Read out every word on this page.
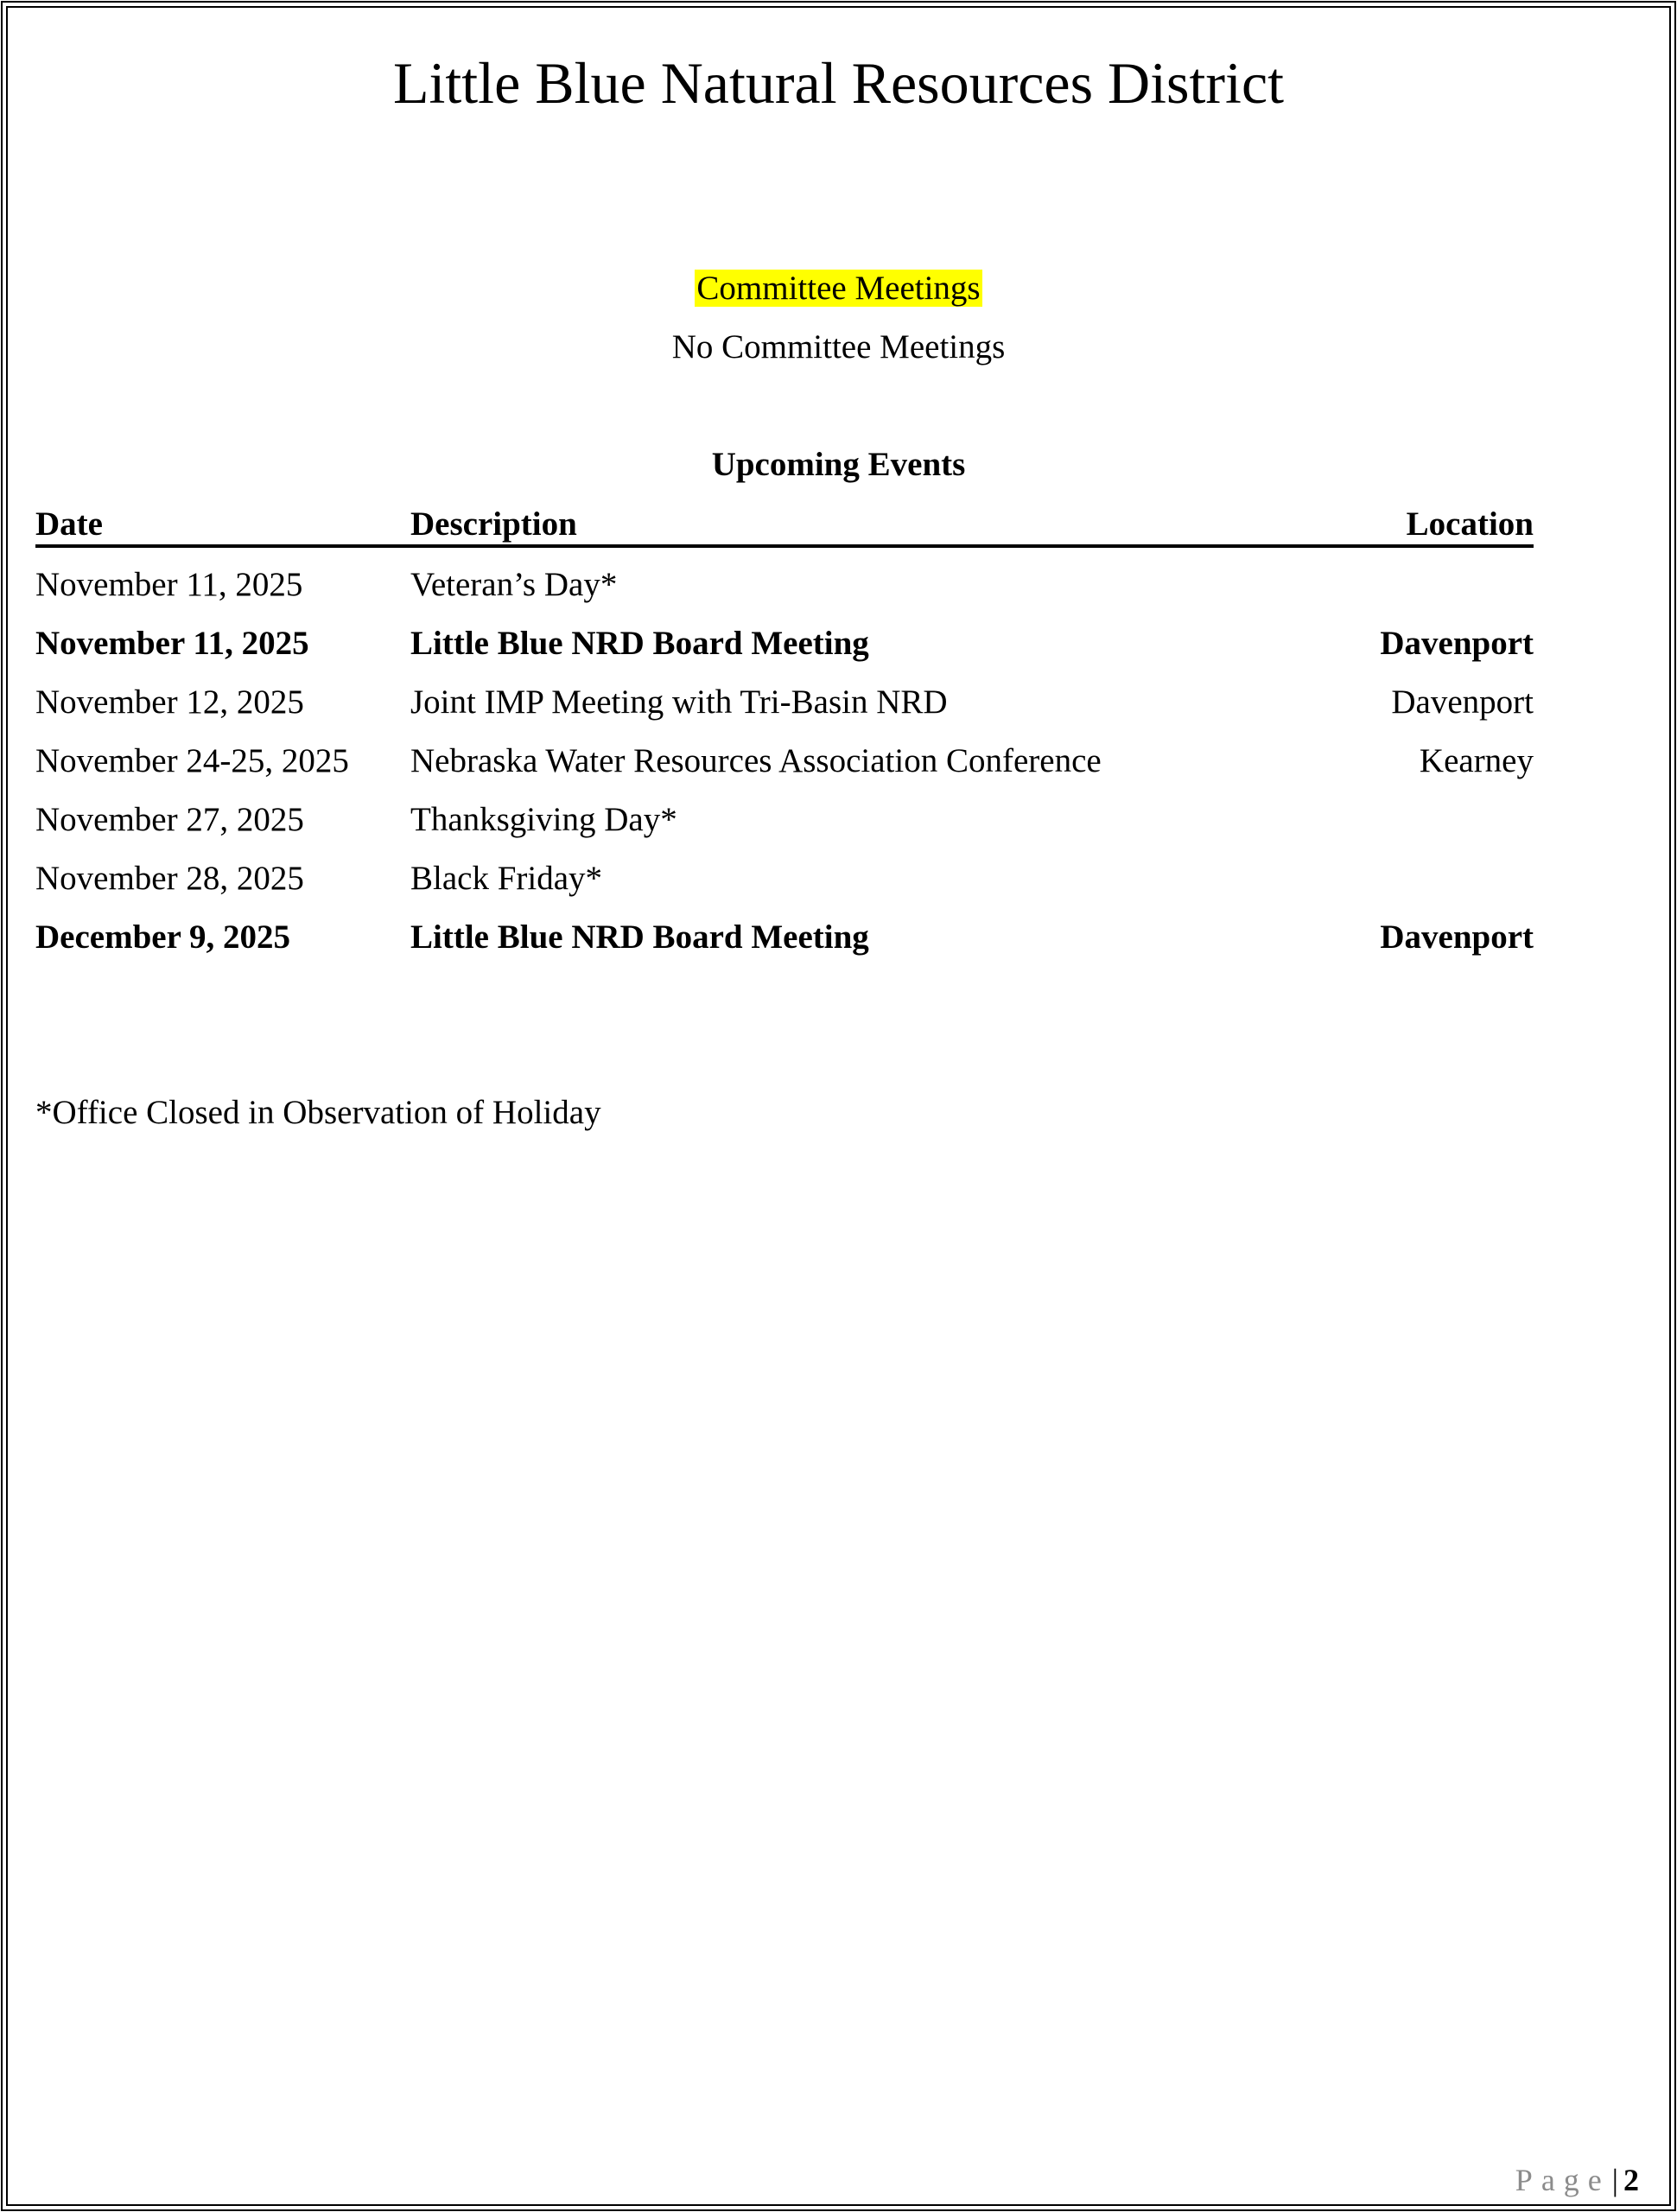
Little Blue Natural Resources District
Committee Meetings
No Committee Meetings
Upcoming Events
Date	Description	Location
November 11, 2025	Veteran’s Day*
November 11, 2025	Little Blue NRD Board Meeting	Davenport
November 12, 2025	Joint IMP Meeting with Tri-Basin NRD	Davenport
November 24-25, 2025 Nebraska Water Resources Association Conference	Kearney
November 27, 2025	Thanksgiving Day*
November 28, 2025	Black Friday*
December 9, 2025	Little Blue NRD Board Meeting	Davenport
*Office Closed in Observation of Holiday
Page| 2
